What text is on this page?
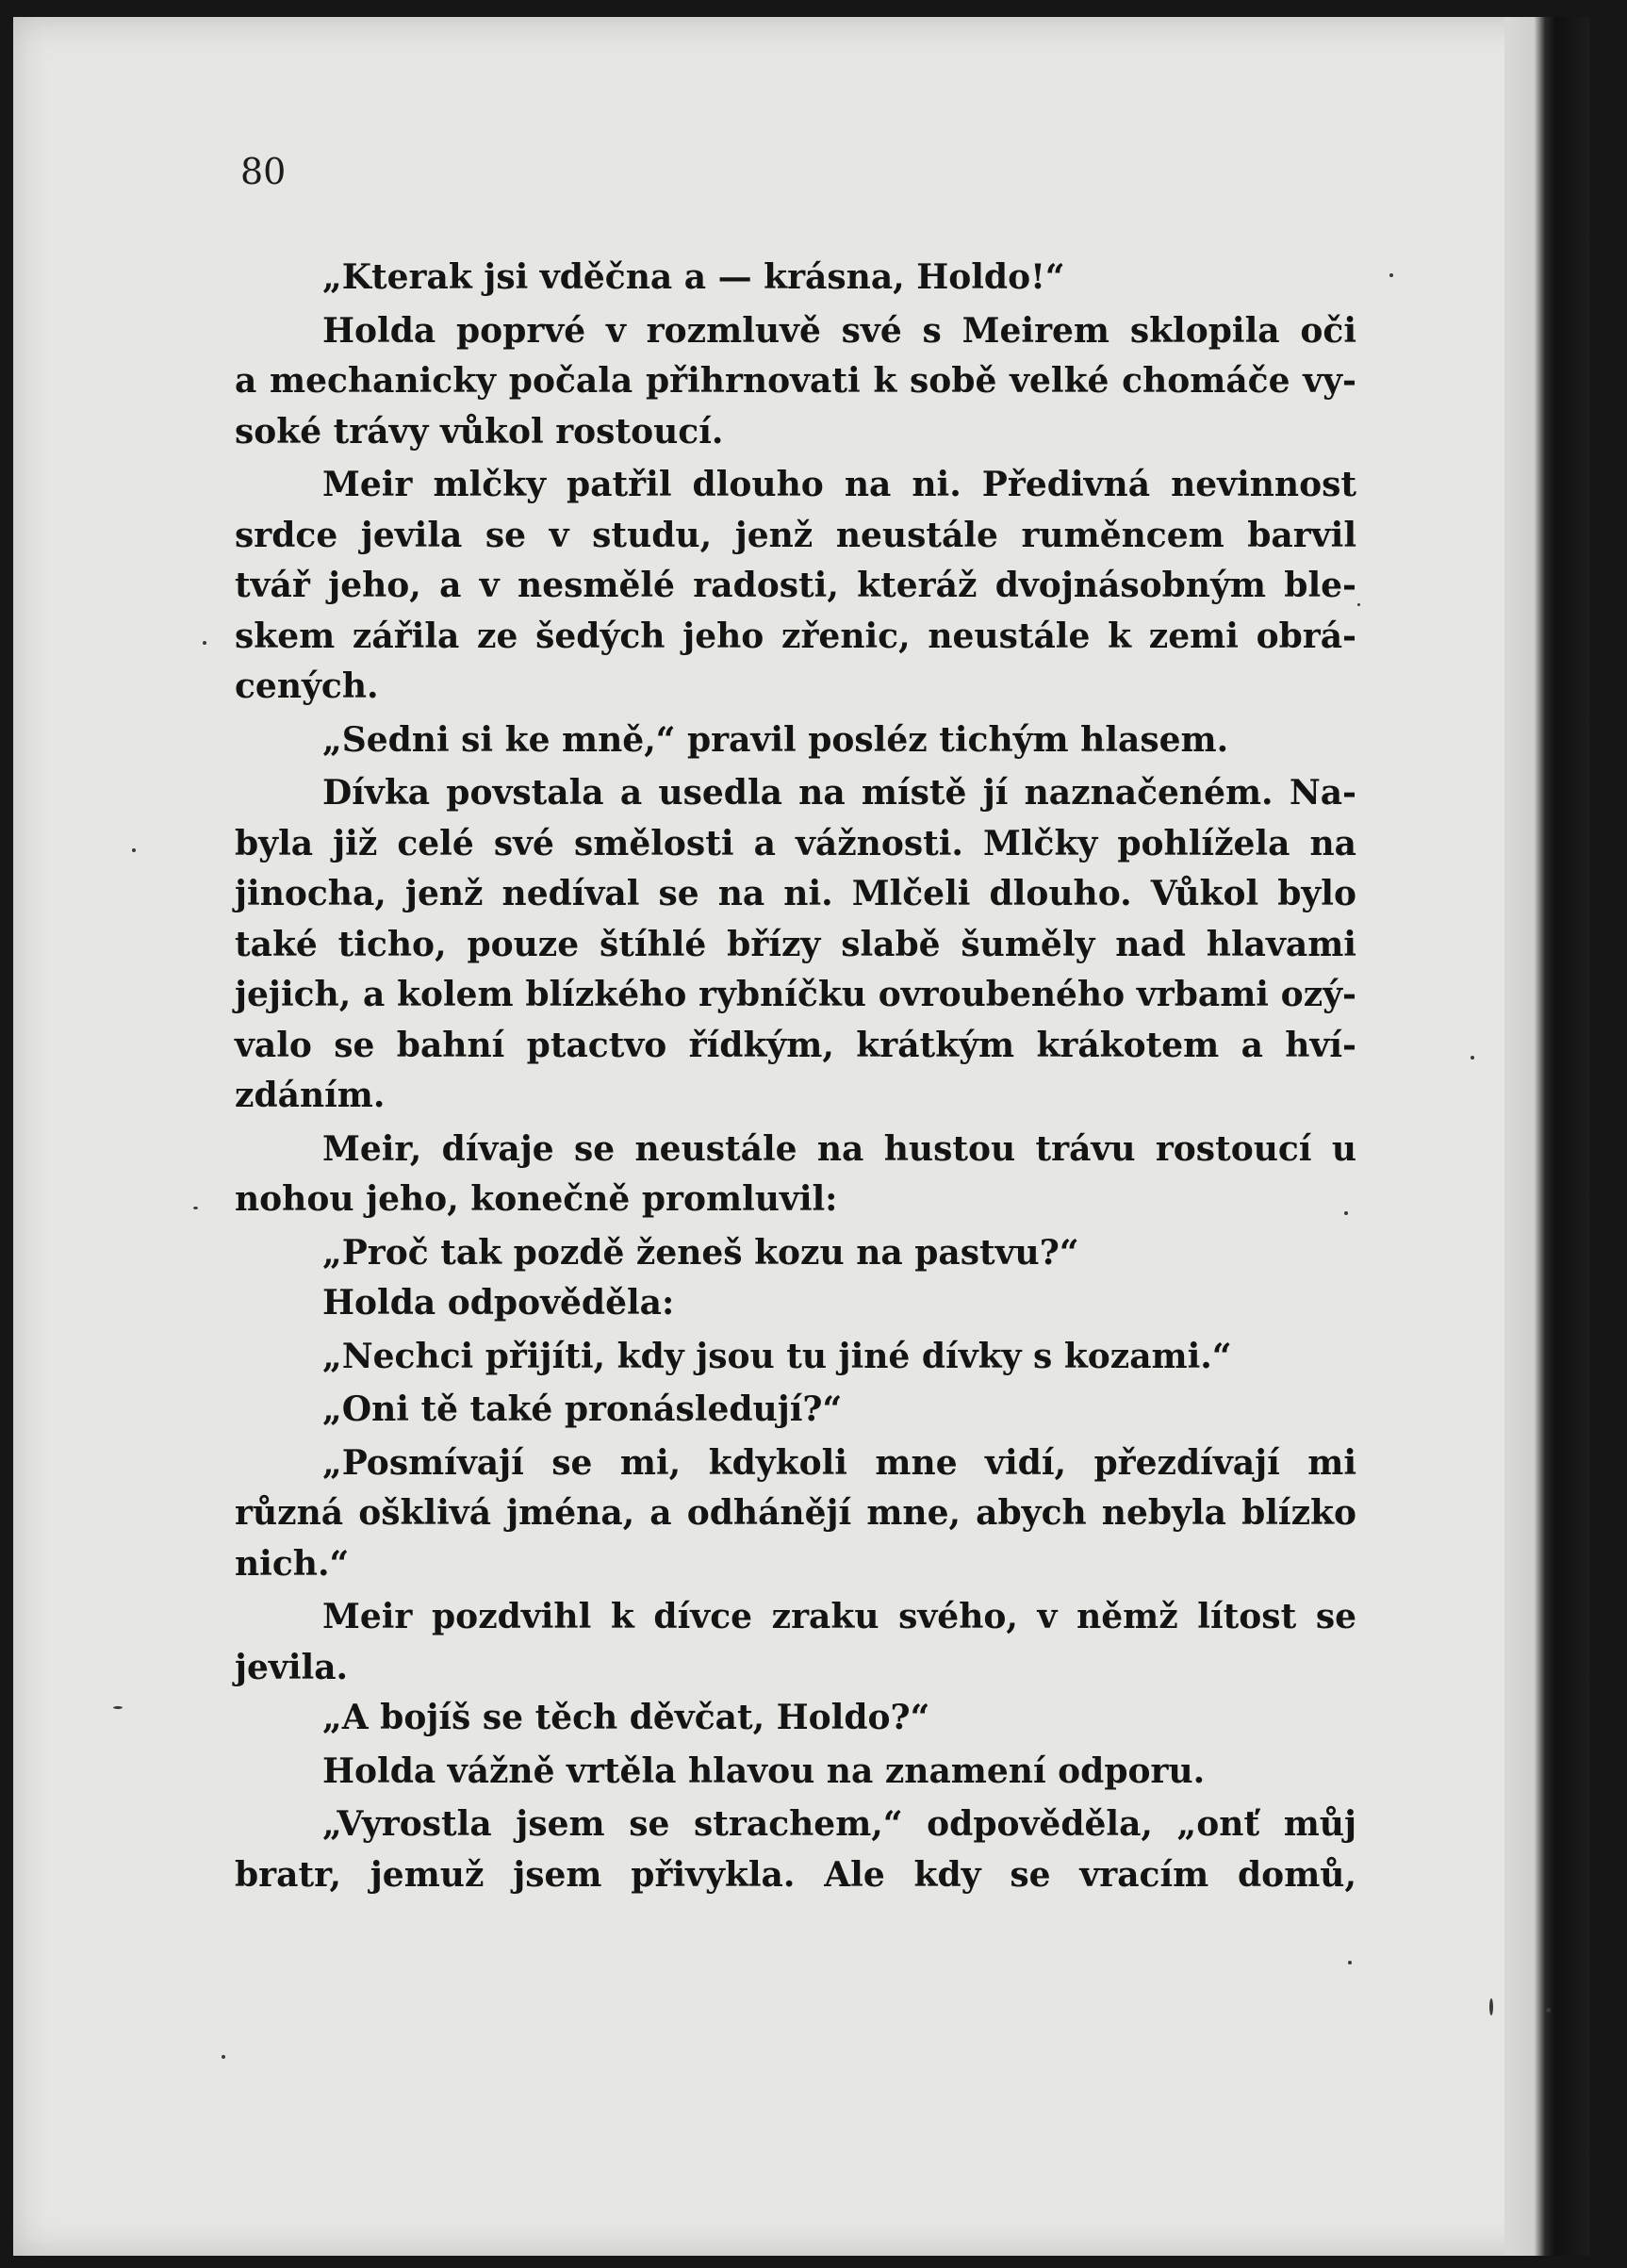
80
„Kterak jsi vděčna a — krásna, Holdo!“
Holda poprvé v rozmluvě své s Meirem sklopila oči
a mechanicky počala přihrnovati k sobě velké chomáče vy-
soké trávy vůkol rostoucí.
Meir mlčky patřil dlouho na ni. Předivná nevinnost
srdce jevila se v studu, jenž neustále ruměncem barvil
tvář jeho, a v nesmělé radosti, kteráž dvojnásobným ble-
skem zářila ze šedých jeho zřenic, neustále k zemi obrá-
cených.
„Sedni si ke mně,“ pravil posléz tichým hlasem.
Dívka povstala a usedla na místě jí naznačeném. Na-
byla již celé své smělosti a vážnosti. Mlčky pohlížela na
jinocha, jenž nedíval se na ni. Mlčeli dlouho. Vůkol bylo
také ticho, pouze štíhlé břízy slabě šuměly nad hlavami
jejich, a kolem blízkého rybníčku ovroubeného vrbami ozý-
valo se bahní ptactvo řídkým, krátkým krákotem a hví-
zdáním.
Meir, dívaje se neustále na hustou trávu rostoucí u
nohou jeho, konečně promluvil:
„Proč tak pozdě ženeš kozu na pastvu?“
Holda odpověděla:
„Nechci přijíti, kdy jsou tu jiné dívky s kozami.“
„Oni tě také pronásledují?“
„Posmívají se mi, kdykoli mne vidí, přezdívají mi
různá ošklivá jména, a odhánějí mne, abych nebyla blízko
nich.“
Meir pozdvihl k dívce zraku svého, v němž lítost se
jevila.
„A bojíš se těch děvčat, Holdo?“
Holda vážně vrtěla hlavou na znamení odporu.
„Vyrostla jsem se strachem,“ odpověděla, „onť můj
bratr, jemuž jsem přivykla. Ale kdy se vracím domů,
